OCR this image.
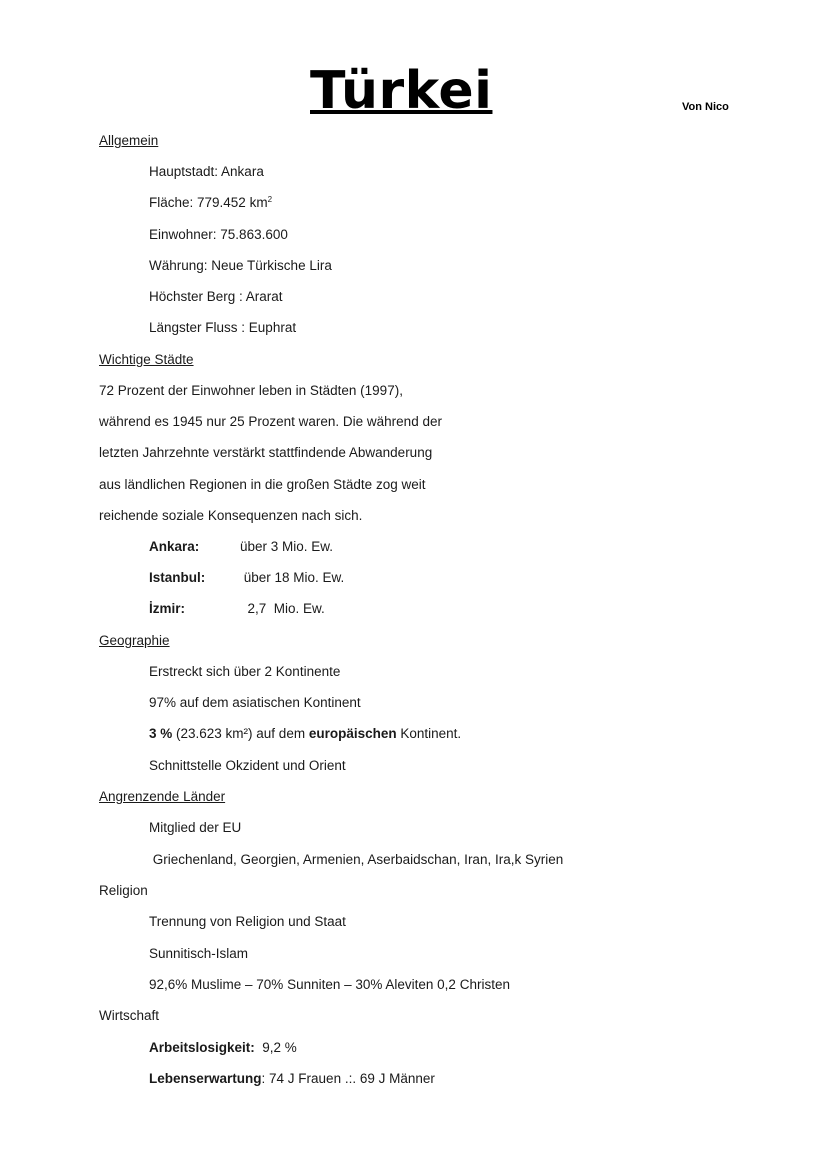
Türkei	Von Nico
Allgemein
Hauptstadt: Ankara
Fläche: 779.452 $km^2$
Einwohner: 75.863.600
Währung: Neue Türkische Lira
Höchster Berg : Ararat
Längster Fluss : Euphrat
Wichtige Städte
72 Prozent der Einwohner leben in Städten (1997),
während es 1945 nur 25 Prozent waren. Die während der
letzten Jahrzehnte verstärkt stattfindende Abwanderung
aus ländlichen Regionen in die großen Städte zog weit
reichende soziale Konsequenzen nach sich.
Ankara:	über 3 Mio. Ew.
Istanbul:	über 18 Mio. Ew.
İzmir:	2,7  Mio. Ew.
Geographie
Erstreckt sich über 2 Kontinente
97% auf dem asiatischen Kontinent
3 % (23.623 km²) auf dem europäischen Kontinent.
Schnittstelle Okzident und Orient
Angrenzende Länder
Mitglied der EU
Griechenland, Georgien, Armenien, Aserbaidschan, Iran, Ira,k Syrien
Religion
Trennung von Religion und Staat
Sunnitisch-Islam
92,6% Muslime – 70% Sunniten – 30% Aleviten 0,2 Christen
Wirtschaft
Arbeitslosigkeit:  9,2 %
Lebenserwartung: 74 J Frauen .:. 69 J Männer
